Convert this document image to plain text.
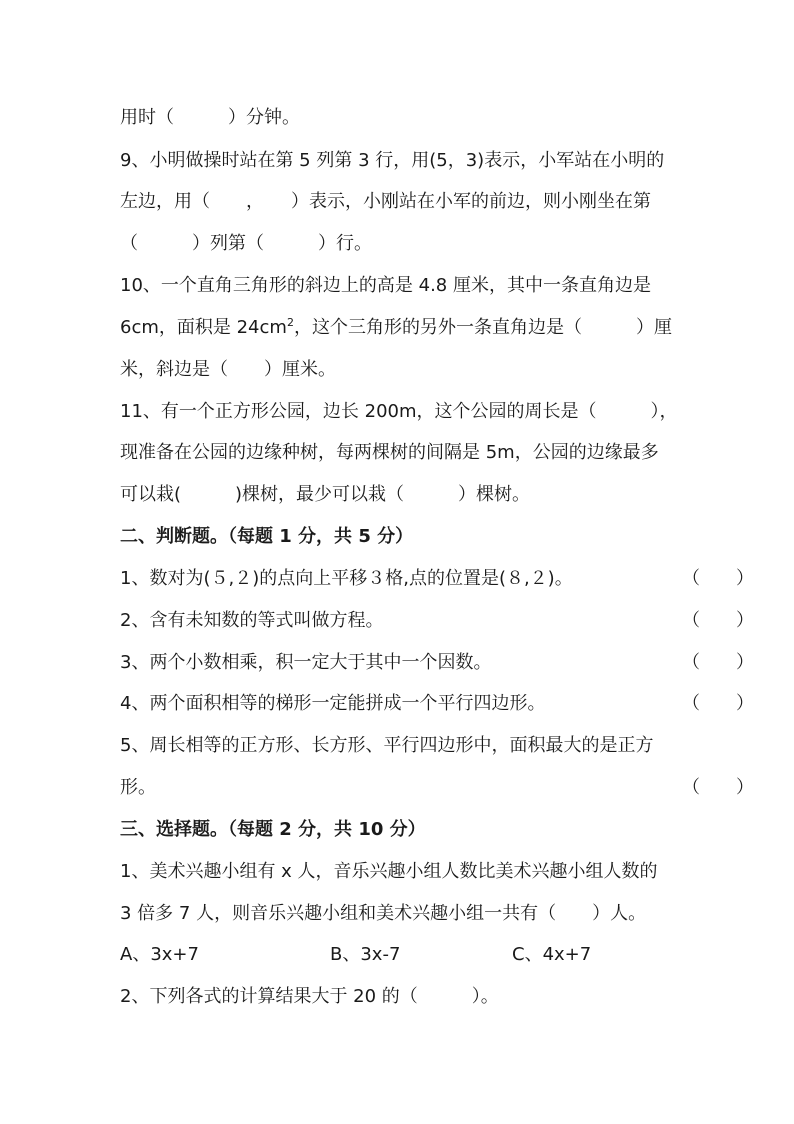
用时（　　　）分钟。
9、小明做操时站在第 5 列第 3 行，用(5，3)表示，小军站在小明的
左边，用（　　，　　）表示，小刚站在小军的前边，则小刚坐在第
（　　　）列第（　　　）行。
10、一个直角三角形的斜边上的高是 4.8 厘米，其中一条直角边是
6cm，面积是 $24cm^2$，这个三角形的另外一条直角边是（　　　）厘
米，斜边是（　　）厘米。
11、有一个正方形公园，边长 200m，这个公园的周长是（　　　），
现准备在公园的边缘种树，每两棵树的间隔是 5m，公园的边缘最多
可以栽(　　　)棵树，最少可以栽（　　　）棵树。
二、判断题。（每题 1 分，共 5 分）
1、数对为(５,２)的点向上平移３格,点的位置是(８,２)。	（　　）
2、含有未知数的等式叫做方程。	（　　）
3、两个小数相乘，积一定大于其中一个因数。	（　　）
4、两个面积相等的梯形一定能拼成一个平行四边形。	（　　）
5、周长相等的正方形、长方形、平行四边形中，面积最大的是正方
形。	（　　）
三、选择题。（每题 2 分，共 10 分）
1、美术兴趣小组有 x 人，音乐兴趣小组人数比美术兴趣小组人数的
3 倍多 7 人，则音乐兴趣小组和美术兴趣小组一共有（　　）人。
A、3x+7	B、3x-7	C、4x+7
2、下列各式的计算结果大于 20 的（　　　）。
